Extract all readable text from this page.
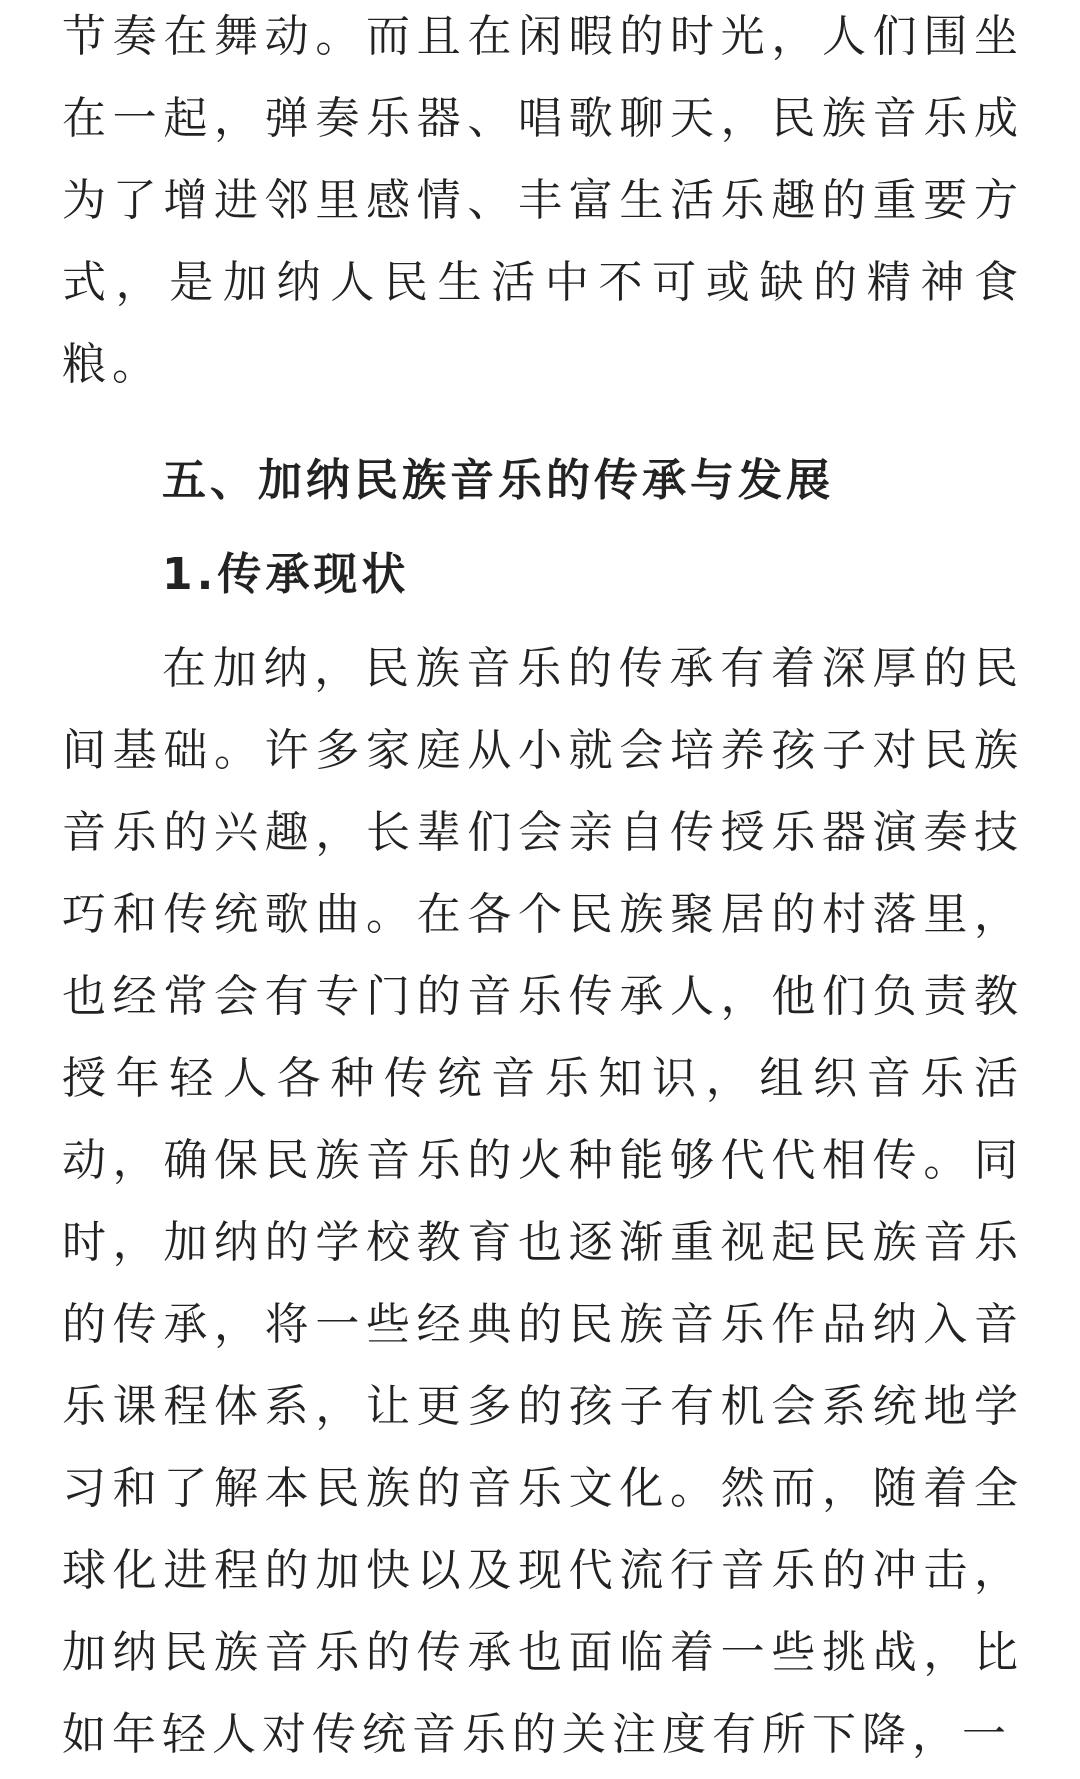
节奏在舞动。而且在闲暇的时光，人们围坐在一起，弹奏乐器、唱歌聊天，民族音乐成为了增进邻里感情、丰富生活乐趣的重要方式，是加纳人民生活中不可或缺的精神食粮。

五、加纳民族音乐的传承与发展
1.传承现状

在加纳，民族音乐的传承有着深厚的民间基础。许多家庭从小就会培养孩子对民族音乐的兴趣，长辈们会亲自传授乐器演奏技巧和传统歌曲。在各个民族聚居的村落里，也经常会有专门的音乐传承人，他们负责教授年轻人各种传统音乐知识，组织音乐活动，确保民族音乐的火种能够代代相传。同时，加纳的学校教育也逐渐重视起民族音乐的传承，将一些经典的民族音乐作品纳入音乐课程体系，让更多的孩子有机会系统地学习和了解本民族的音乐文化。然而，随着全球化进程的加快以及现代流行音乐的冲击，加纳民族音乐的传承也面临着一些挑战，比如年轻人对传统音乐的关注度有所下降，一
